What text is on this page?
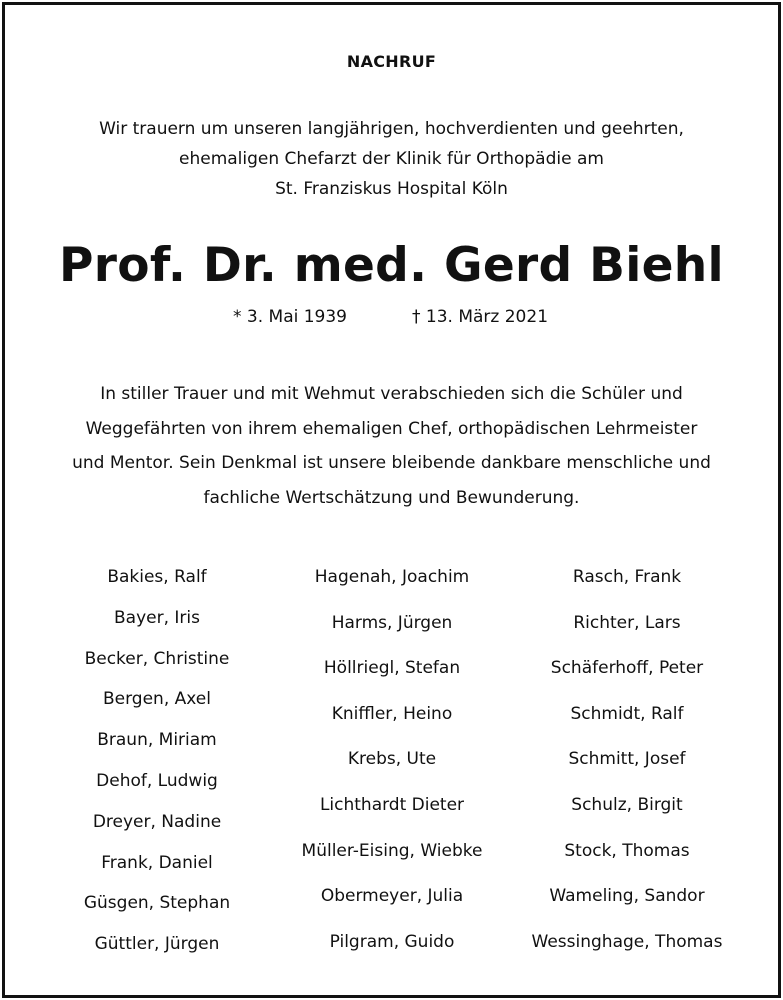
NACHRUF
Wir trauern um unseren langjährigen, hochverdienten und geehrten,
ehemaligen Chefarzt der Klinik für Orthopädie am
St. Franziskus Hospital Köln
Prof. Dr. med. Gerd Biehl
* 3. Mai 1939	† 13. März 2021
In stiller Trauer und mit Wehmut verabschieden sich die Schüler und
Weggefährten von ihrem ehemaligen Chef, orthopädischen Lehrmeister
und Mentor. Sein Denkmal ist unsere bleibende dankbare menschliche und
fachliche Wertschätzung und Bewunderung.
Bakies, Ralf
Bayer, Iris
Becker, Christine
Bergen, Axel
Braun, Miriam
Dehof, Ludwig
Dreyer, Nadine
Frank, Daniel
Güsgen, Stephan
Güttler, Jürgen
Hagenah, Joachim
Harms, Jürgen
Höllriegl, Stefan
Kniffler, Heino
Krebs, Ute
Lichthardt Dieter
Müller-Eising, Wiebke
Obermeyer, Julia
Pilgram, Guido
Rasch, Frank
Richter, Lars
Schäferhoff, Peter
Schmidt, Ralf
Schmitt, Josef
Schulz, Birgit
Stock, Thomas
Wameling, Sandor
Wessinghage, Thomas
